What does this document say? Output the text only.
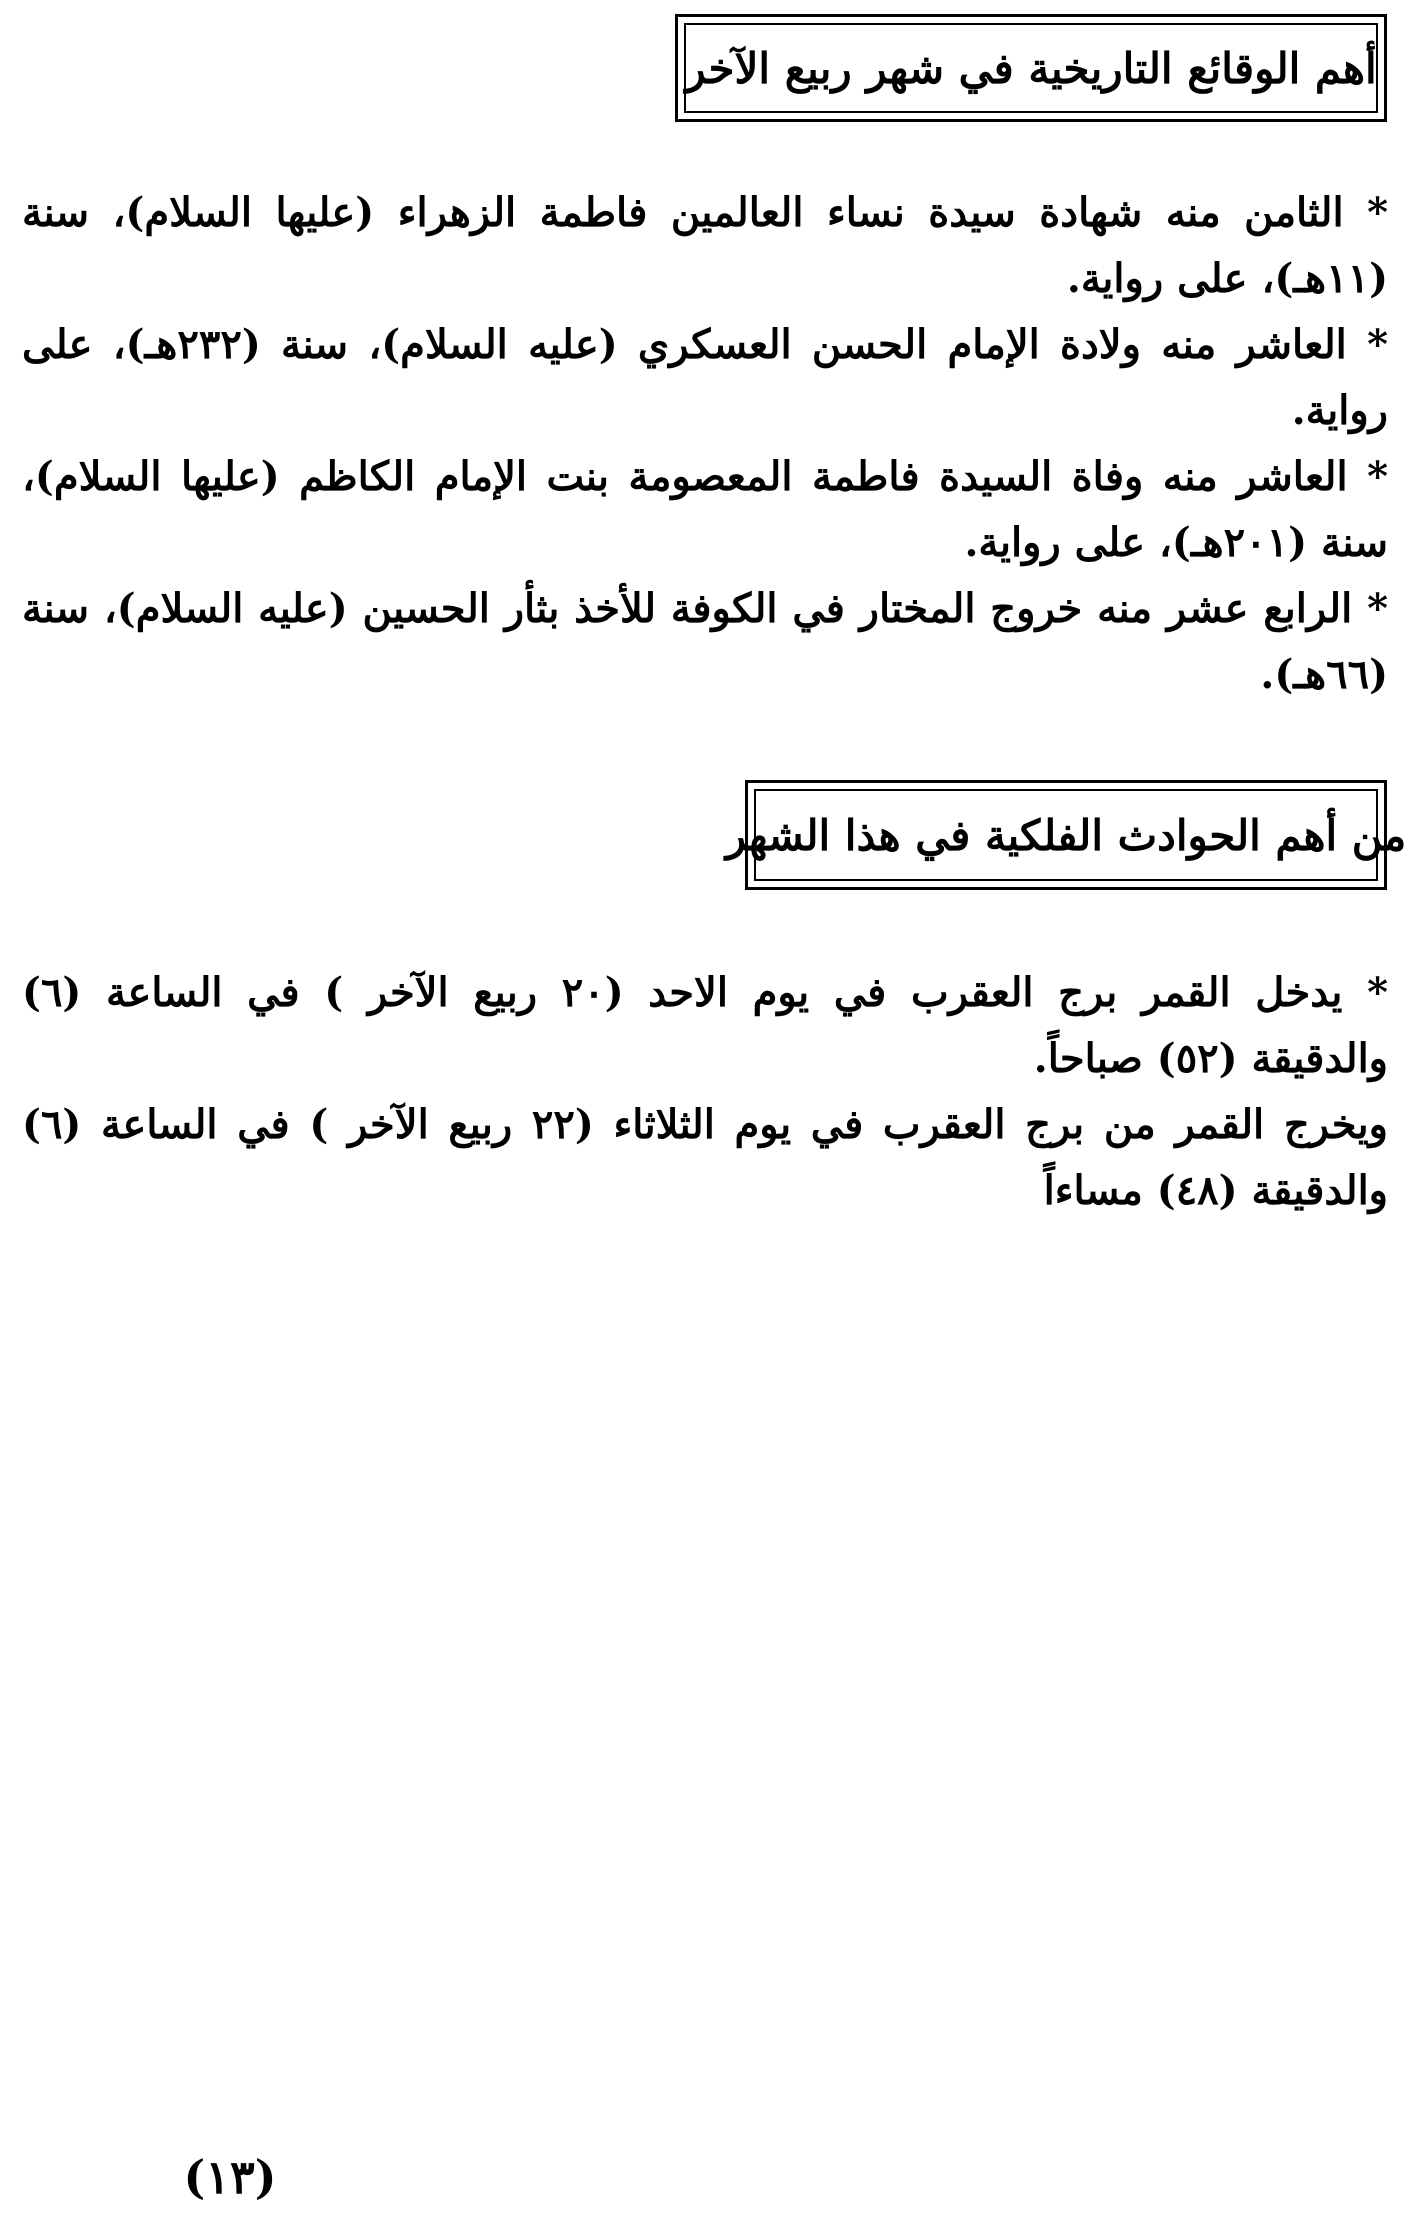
أهم الوقائع التاريخية في شهر ربيع الآخر

* الثامن منه شهادة سيدة نساء العالمين فاطمة الزهراء (عليها السلام)، سنة (١١هـ)، على رواية.

* العاشر منه ولادة الإمام الحسن العسكري (عليه السلام)، سنة (٢٣٢هـ)، على رواية.

* العاشر منه وفاة السيدة فاطمة المعصومة بنت الإمام الكاظم (عليها السلام)، سنة (٢٠١هـ)، على رواية.

* الرابع عشر منه خروج المختار في الكوفة للأخذ بثأر الحسين (عليه السلام)، سنة (٦٦هـ).

من أهم الحوادث الفلكية في هذا الشهر

* يدخل القمر برج العقرب في يوم الاحد (٢٠ ربيع الآخر ) في الساعة (٦) والدقيقة (٥٢) صباحاً.

ويخرج القمر من برج العقرب في يوم الثلاثاء (٢٢ ربيع الآخر ) في الساعة (٦) والدقيقة (٤٨) مساءاً

(١٣)
